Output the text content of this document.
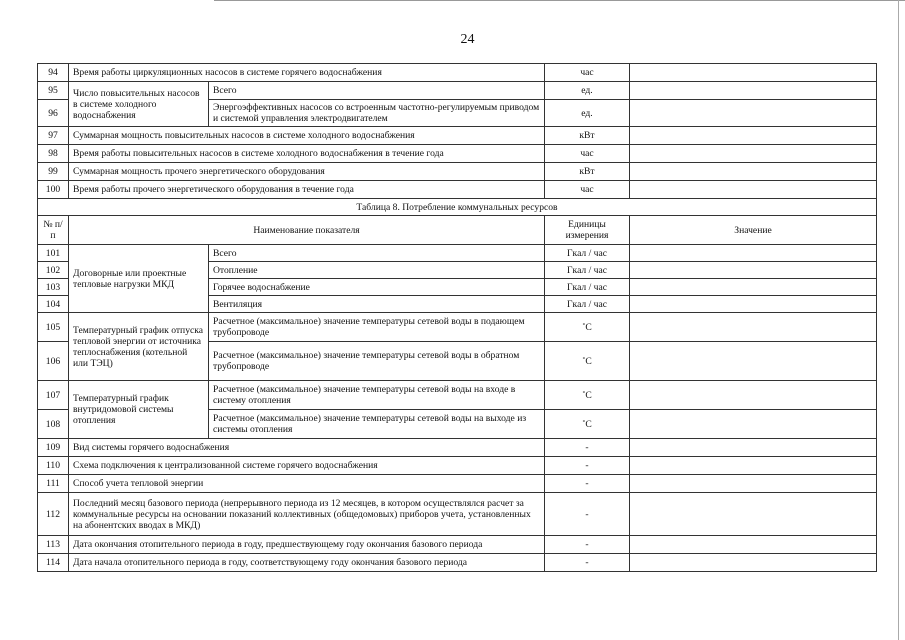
24
94	Время работы циркуляционных насосов в системе горячего водоснабжения		час	
95	Число повысительных насосов в системе холодного водоснабжения	Всего	ед.	
96		Энергоэффективных насосов со встроенным частотно-регулируемым приводом и системой управления электродвигателем	ед.	
97	Суммарная мощность повысительных насосов в системе холодного водоснабжения		кВт	
98	Время работы повысительных насосов в системе холодного водоснабжения в течение года		час	
99	Суммарная мощность прочего энергетического оборудования		кВт	
100	Время работы прочего энергетического оборудования в течение года		час	
Таблица 8. Потребление коммунальных ресурсов				
№ п/п	Наименование показателя		Единицы измерения	Значение
101	Договорные или проектные тепловые нагрузки МКД	Всего	Гкал / час	
102		Отопление	Гкал / час	
103		Горячее водоснабжение	Гкал / час	
104		Вентиляция	Гкал / час	
105	Температурный график отпуска тепловой энергии от источника теплоснабжения (котельной или ТЭЦ)	Расчетное (максимальное) значение температуры сетевой воды в подающем трубопроводе	˚С	
106		Расчетное (максимальное) значение температуры сетевой воды в обратном трубопроводе	˚С	
107	Температурный график внутридомовой системы отопления	Расчетное (максимальное) значение температуры сетевой воды на входе в систему отопления	˚С	
108		Расчетное (максимальное) значение температуры сетевой воды на выходе из системы отопления	˚С	
109	Вид системы горячего водоснабжения		-	
110	Схема подключения к централизованной системе горячего водоснабжения		-	
111	Способ учета тепловой энергии		-	
112	Последний месяц базового периода (непрерывного периода из 12 месяцев, в котором осуществлялся расчет за коммунальные ресурсы на основании показаний коллективных (общедомовых) приборов учета, установленных на абонентских вводах в МКД)		-	
113	Дата окончания отопительного периода в году, предшествующему году окончания базового периода		-	
114	Дата начала отопительного периода в году, соответствующему году окончания базового периода		-	
